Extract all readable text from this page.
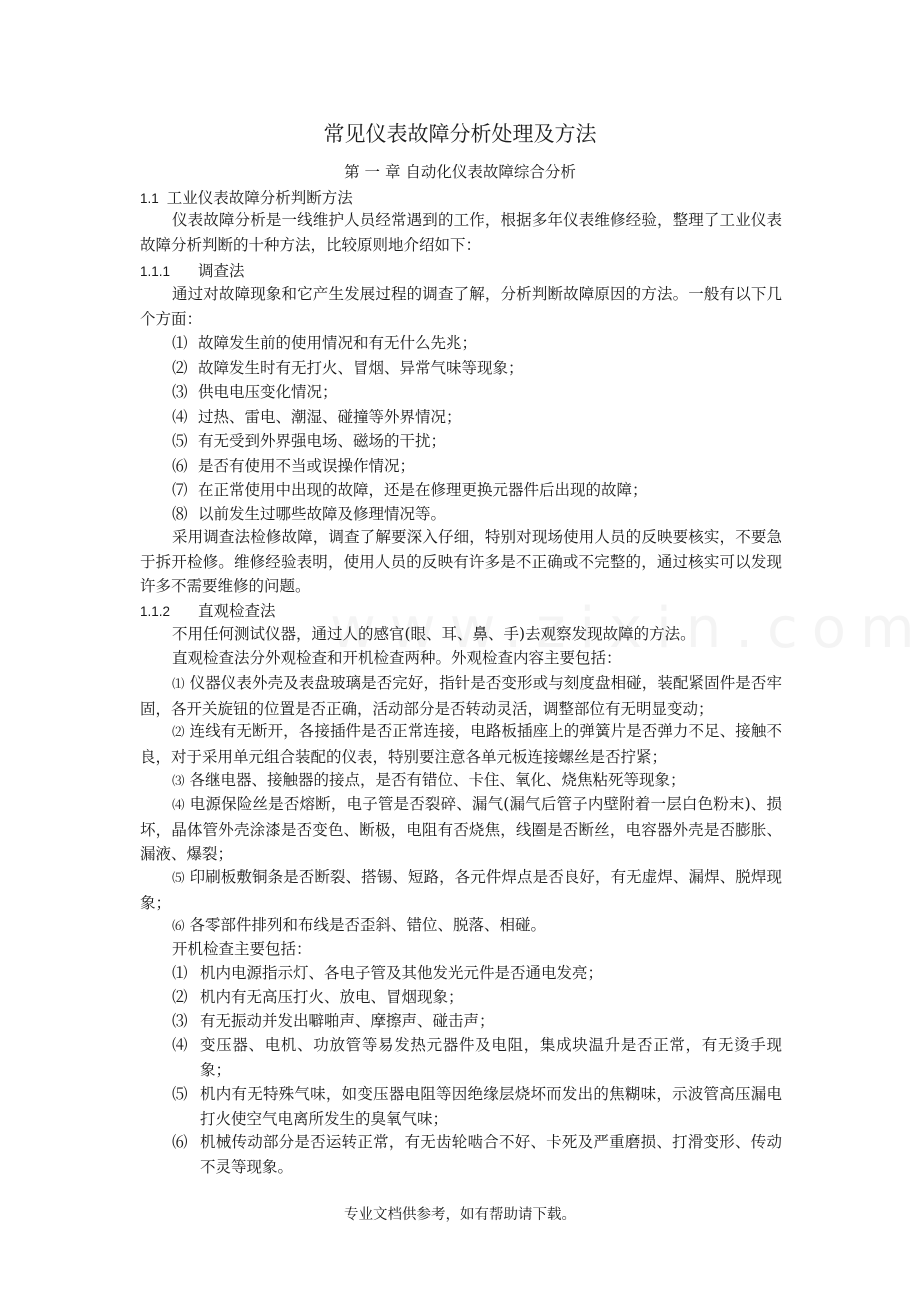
常见仪表故障分析处理及方法
第 一 章 自动化仪表故障综合分析
1.1 工业仪表故障分析判断方法
仪表故障分析是一线维护人员经常遇到的工作，根据多年仪表维修经验，整理了工业仪表故障分析判断的十种方法，比较原则地介绍如下：
1.1.1 调查法
通过对故障现象和它产生发展过程的调查了解，分析判断故障原因的方法。一般有以下几个方面：
⑴ 故障发生前的使用情况和有无什么先兆；
⑵ 故障发生时有无打火、冒烟、异常气味等现象；
⑶ 供电电压变化情况；
⑷ 过热、雷电、潮湿、碰撞等外界情况；
⑸ 有无受到外界强电场、磁场的干扰；
⑹ 是否有使用不当或误操作情况；
⑺ 在正常使用中出现的故障，还是在修理更换元器件后出现的故障；
⑻ 以前发生过哪些故障及修理情况等。
采用调查法检修故障，调查了解要深入仔细，特别对现场使用人员的反映要核实，不要急于拆开检修。维修经验表明，使用人员的反映有许多是不正确或不完整的，通过核实可以发现许多不需要维修的问题。
1.1.2 直观检查法
不用任何测试仪器，通过人的感官(眼、耳、鼻、手)去观察发现故障的方法。
直观检查法分外观检查和开机检查两种。外观检查内容主要包括：
⑴ 仪器仪表外壳及表盘玻璃是否完好，指针是否变形或与刻度盘相碰，装配紧固件是否牢固，各开关旋钮的位置是否正确，活动部分是否转动灵活，调整部位有无明显变动；
⑵ 连线有无断开，各接插件是否正常连接，电路板插座上的弹簧片是否弹力不足、接触不良，对于采用单元组合装配的仪表，特别要注意各单元板连接螺丝是否拧紧；
⑶ 各继电器、接触器的接点，是否有错位、卡住、氧化、烧焦粘死等现象；
⑷ 电源保险丝是否熔断，电子管是否裂碎、漏气(漏气后管子内壁附着一层白色粉末)、损坏，晶体管外壳涂漆是否变色、断极，电阻有否烧焦，线圈是否断丝，电容器外壳是否膨胀、漏液、爆裂；
⑸ 印刷板敷铜条是否断裂、搭锡、短路，各元件焊点是否良好，有无虚焊、漏焊、脱焊现象；
⑹ 各零部件排列和布线是否歪斜、错位、脱落、相碰。
开机检查主要包括：
⑴ 机内电源指示灯、各电子管及其他发光元件是否通电发亮；
⑵ 机内有无高压打火、放电、冒烟现象；
⑶ 有无振动并发出噼啪声、摩擦声、碰击声；
⑷ 变压器、电机、功放管等易发热元器件及电阻，集成块温升是否正常，有无烫手现象；
⑸ 机内有无特殊气味，如变压器电阻等因绝缘层烧坏而发出的焦糊味，示波管高压漏电打火使空气电离所发生的臭氧气味；
⑹ 机械传动部分是否运转正常，有无齿轮啮合不好、卡死及严重磨损、打滑变形、传动不灵等现象。
专业文档供参考，如有帮助请下载。
